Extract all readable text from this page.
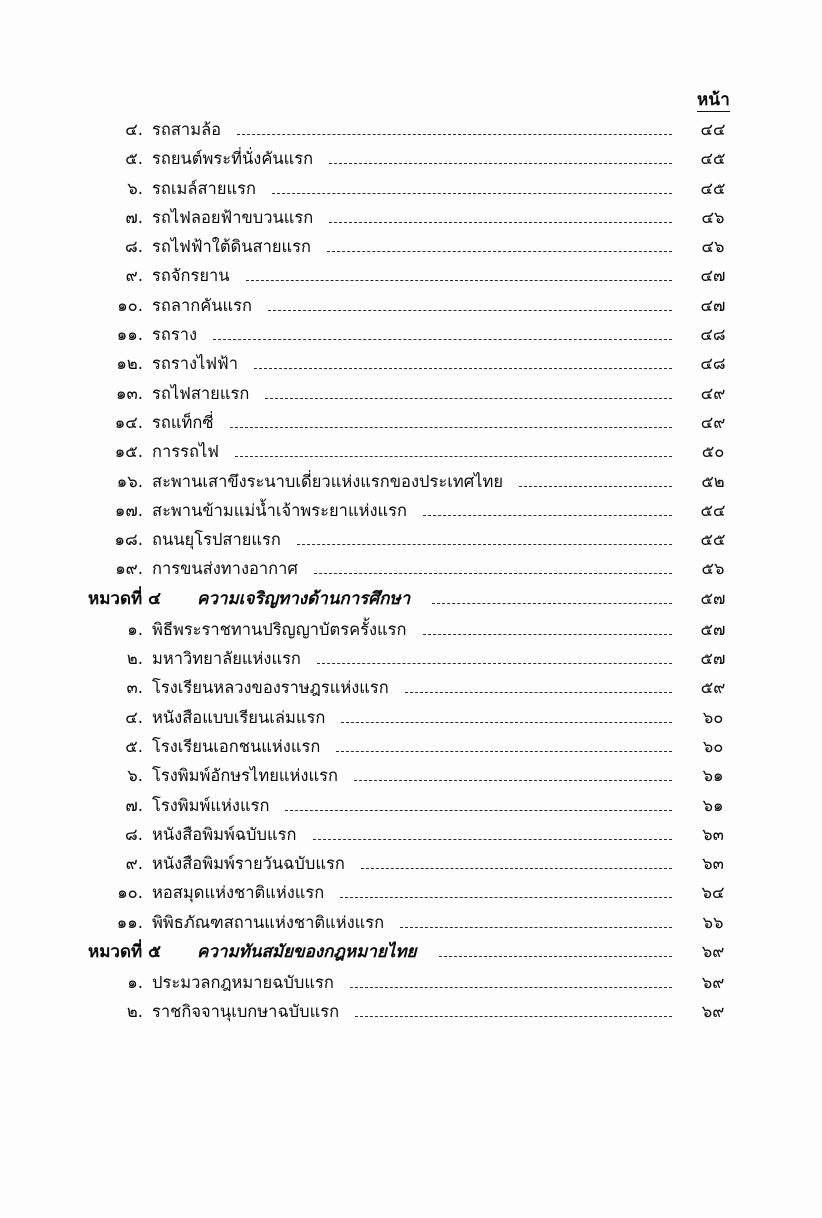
หน้า
๔. รถสามล้อ	๔๔
๕. รถยนต์พระที่นั่งคันแรก	๔๕
๖. รถเมล์สายแรก	๔๕
๗. รถไฟลอยฟ้าขบวนแรก	๔๖
๘. รถไฟฟ้าใต้ดินสายแรก	๔๖
๙. รถจักรยาน	๔๗
๑๐. รถลากคันแรก	๔๗
๑๑. รถราง	๔๘
๑๒. รถรางไฟฟ้า	๔๘
๑๓. รถไฟสายแรก	๔๙
๑๔. รถแท็กซี่	๔๙
๑๕. การรถไฟ	๕๐
๑๖. สะพานเสาขึงระนาบเดี่ยวแห่งแรกของประเทศไทย	๕๒
๑๗. สะพานข้ามแม่น้ำเจ้าพระยาแห่งแรก	๕๔
๑๘. ถนนยุโรปสายแรก	๕๕
๑๙. การขนส่งทางอากาศ	๕๖
หมวดที่ ๔	ความเจริญทางด้านการศึกษา	๕๗
๑. พิธีพระราชทานปริญญาบัตรครั้งแรก	๕๗
๒. มหาวิทยาลัยแห่งแรก	๕๗
๓. โรงเรียนหลวงของราษฎรแห่งแรก	๕๙
๔. หนังสือแบบเรียนเล่มแรก	๖๐
๕. โรงเรียนเอกชนแห่งแรก	๖๐
๖. โรงพิมพ์อักษรไทยแห่งแรก	๖๑
๗. โรงพิมพ์แห่งแรก	๖๑
๘. หนังสือพิมพ์ฉบับแรก	๖๓
๙. หนังสือพิมพ์รายวันฉบับแรก	๖๓
๑๐. หอสมุดแห่งชาติแห่งแรก	๖๔
๑๑. พิพิธภัณฑสถานแห่งชาติแห่งแรก	๖๖
หมวดที่ ๕	ความทันสมัยของกฎหมายไทย	๖๙
๑. ประมวลกฎหมายฉบับแรก	๖๙
๒. ราชกิจจานุเบกษาฉบับแรก	๖๙
